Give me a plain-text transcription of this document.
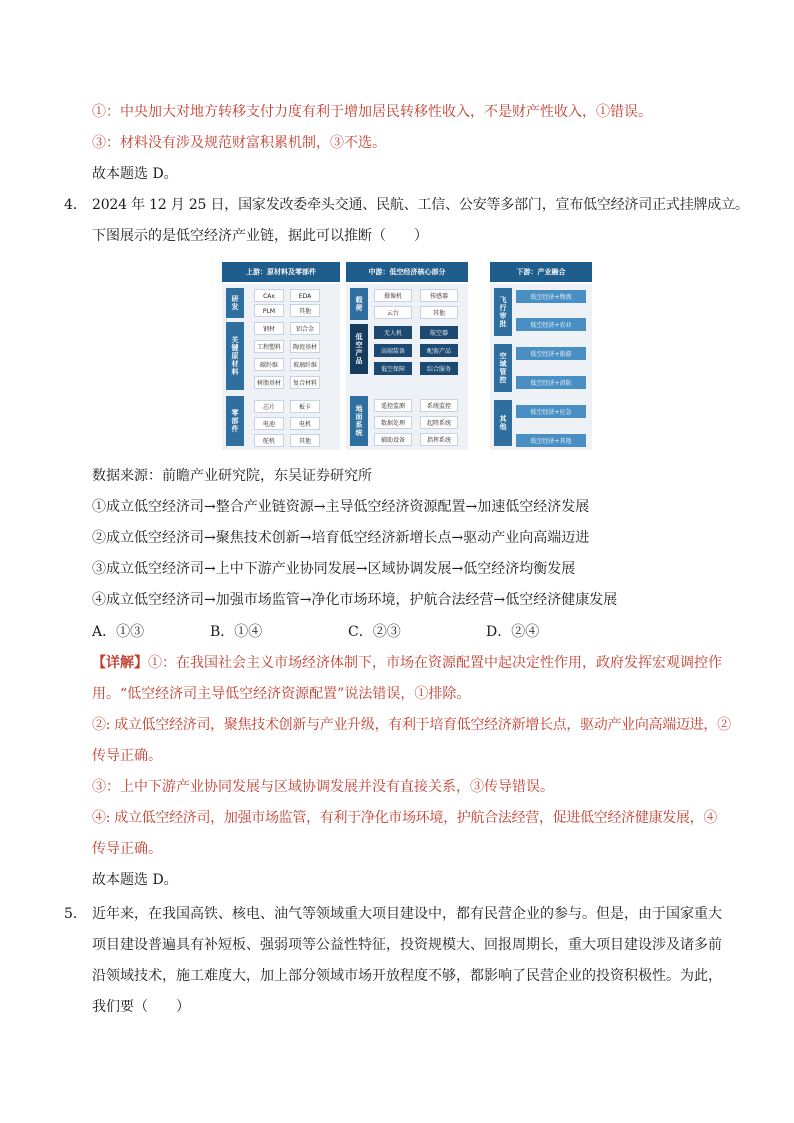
①：中央加大对地方转移支付力度有利于增加居民转移性收入，不是财产性收入，①错误。
③：材料没有涉及规范财富积累机制，③不选。
故本题选 D。
4． 2024 年 12 月 25 日，国家发改委牵头交通、民航、工信、公安等多部门，宣布低空经济司正式挂牌成立。
下图展示的是低空经济产业链，据此可以推断（　　）
上游：原材料及零部件
研发
关键原材料
零部件
CAx	EDA
PLM	其他
钢材	铝合金
工程塑料	陶瓷基材
碳纤维	玻璃纤维
树脂基材	复合材料
芯片	板卡
电池	电机
舵机	其他
中游：低空经济核心部分
载荷
低空产品
地面系统
摄像机	传感器
云台	其他
无人机	航空器
高端装备	配套产品
低空保障	综合服务
遥控监测	系统监控
数据处理	起降系统
辅助设备	指挥系统
下游：产业融合
飞行审批
空域管控
其他
低空经济+物流
低空经济+农业
低空经济+旅游
低空经济+消防
低空经济+应急
低空经济+其他
数据来源：前瞻产业研究院，东吴证券研究所
①成立低空经济司→整合产业链资源→主导低空经济资源配置→加速低空经济发展
②成立低空经济司→聚焦技术创新→培育低空经济新增长点→驱动产业向高端迈进
③成立低空经济司→上中下游产业协同发展→区域协调发展→低空经济均衡发展
④成立低空经济司→加强市场监管→净化市场环境，护航合法经营→低空经济健康发展
A．①③	B．①④	C．②③	D．②④
【详解】①：在我国社会主义市场经济体制下，市场在资源配置中起决定性作用，政府发挥宏观调控作
用。“低空经济司主导低空经济资源配置”说法错误，①排除。
②: 成立低空经济司，聚焦技术创新与产业升级，有利于培育低空经济新增长点，驱动产业向高端迈进，②
传导正确。
③：上中下游产业协同发展与区域协调发展并没有直接关系，③传导错误。
④: 成立低空经济司，加强市场监管，有利于净化市场环境，护航合法经营，促进低空经济健康发展，④
传导正确。
故本题选 D。
5． 近年来，在我国高铁、核电、油气等领域重大项目建设中，都有民营企业的参与。但是，由于国家重大
项目建设普遍具有补短板、强弱项等公益性特征，投资规模大、回报周期长，重大项目建设涉及诸多前
沿领域技术，施工难度大，加上部分领域市场开放程度不够，都影响了民营企业的投资积极性。为此，
我们要（　　）
